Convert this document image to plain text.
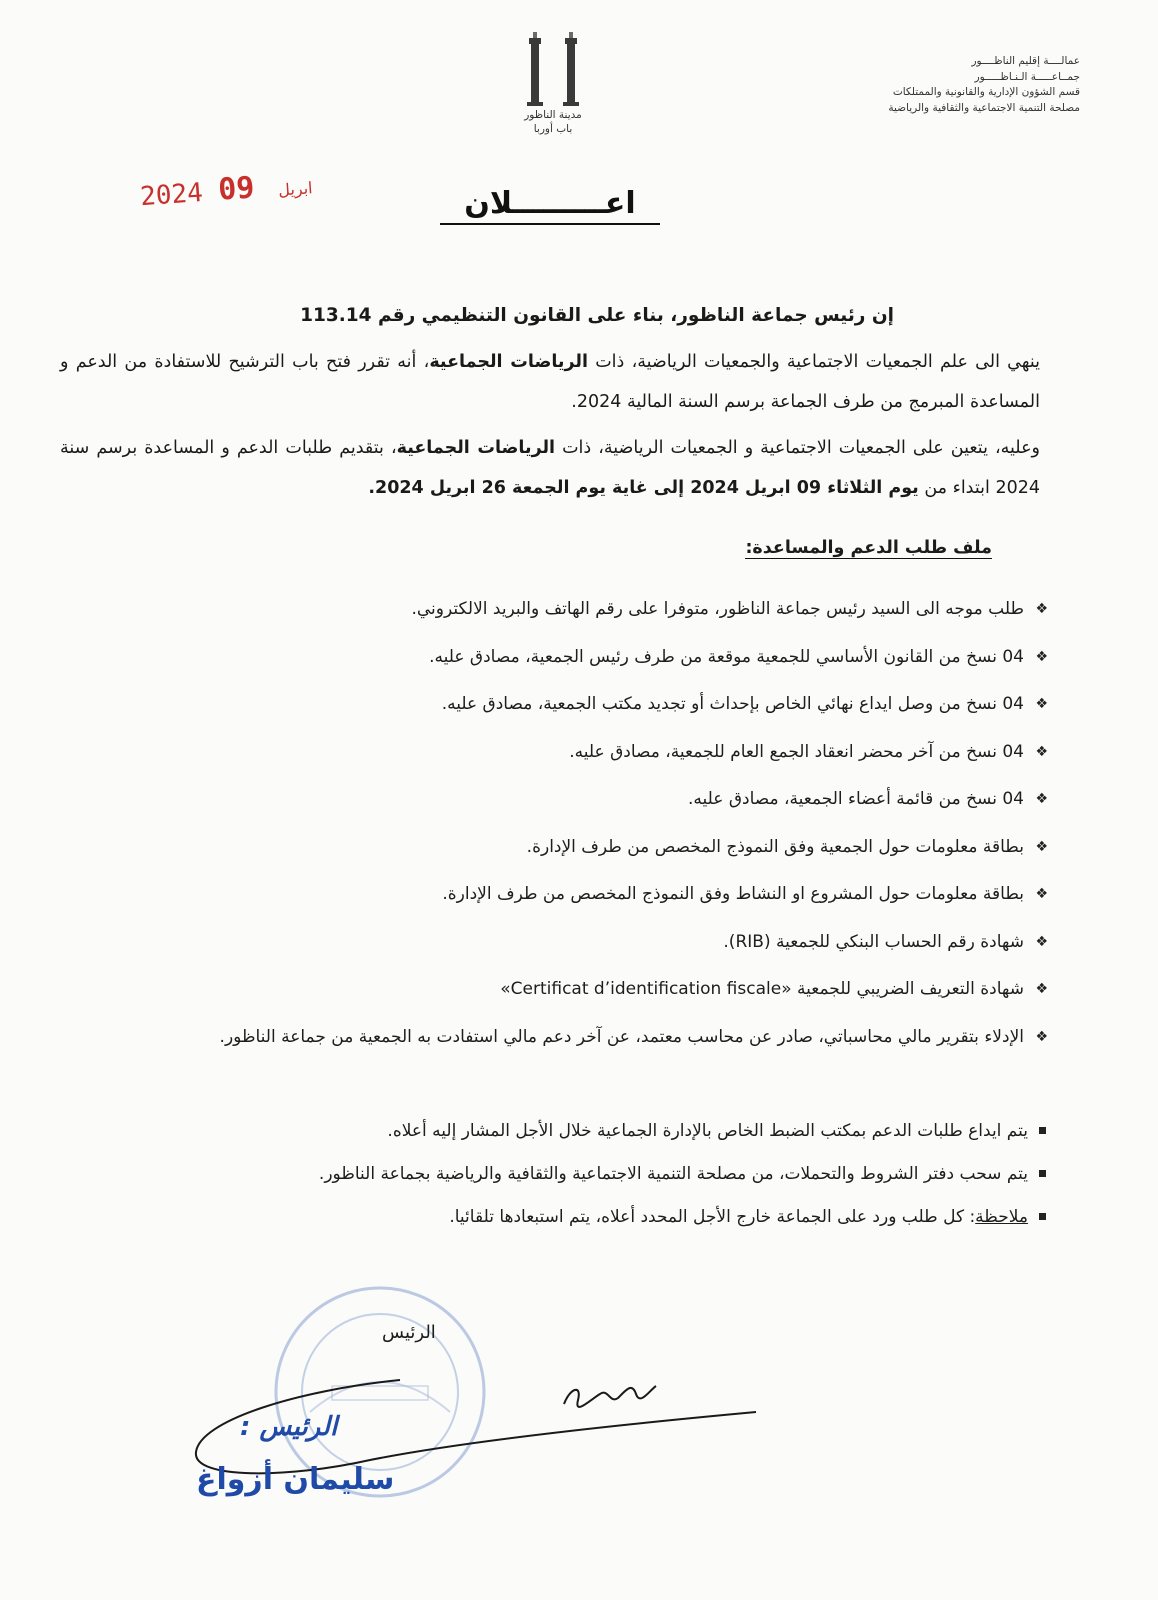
عمالــــة إقليم الناظــــور
جمــاعـــــة الـنـاظـــــور
قسم الشؤون الإدارية والقانونية والممتلكات
مصلحة التنمية الاجتماعية والثقافية والرياضية
مدينة الناظور
باب أوربا
2024	ابريل 09	اعـــــــــلان
إن رئيس جماعة الناظور، بناء على القانون التنظيمي رقم 113.14
ينهي الى علم الجمعيات الاجتماعية والجمعيات الرياضية، ذات الرياضات الجماعية، أنه تقرر فتح باب الترشيح للاستفادة من الدعم و المساعدة المبرمج من طرف الجماعة برسم السنة المالية 2024.
وعليه، يتعين على الجمعيات الاجتماعية و الجمعيات الرياضية، ذات الرياضات الجماعية، بتقديم طلبات الدعم و المساعدة برسم سنة 2024 ابتداء من يوم الثلاثاء 09 ابريل 2024 إلى غاية يوم الجمعة 26 ابريل 2024.
ملف طلب الدعم والمساعدة:
❖
طلب موجه الى السيد رئيس جماعة الناظور، متوفرا على رقم الهاتف والبريد الالكتروني.
❖
04 نسخ من القانون الأساسي للجمعية موقعة من طرف رئيس الجمعية، مصادق عليه.
❖
04 نسخ من وصل ايداع نهائي الخاص بإحداث أو تجديد مكتب الجمعية، مصادق عليه.
❖
04 نسخ من آخر محضر انعقاد الجمع العام للجمعية، مصادق عليه.
❖
04 نسخ من قائمة أعضاء الجمعية، مصادق عليه.
❖
بطاقة معلومات حول الجمعية وفق النموذج المخصص من طرف الإدارة.
❖
بطاقة معلومات حول المشروع او النشاط وفق النموذج المخصص من طرف الإدارة.
❖
شهادة رقم الحساب البنكي للجمعية (RIB).
❖
شهادة التعريف الضريبي للجمعية «Certificat d’identification fiscale»
❖
الإدلاء بتقرير مالي محاسباتي، صادر عن محاسب معتمد، عن آخر دعم مالي استفادت به الجمعية من جماعة الناظور.
يتم ايداع طلبات الدعم بمكتب الضبط الخاص بالإدارة الجماعية خلال الأجل المشار إليه أعلاه.
يتم سحب دفتر الشروط والتحملات، من مصلحة التنمية الاجتماعية والثقافية والرياضية بجماعة الناظور.
ملاحظة: كل طلب ورد على الجماعة خارج الأجل المحدد أعلاه، يتم استبعادها تلقائيا.
الرئيس
الرئيس :
سليمان أزواغ
